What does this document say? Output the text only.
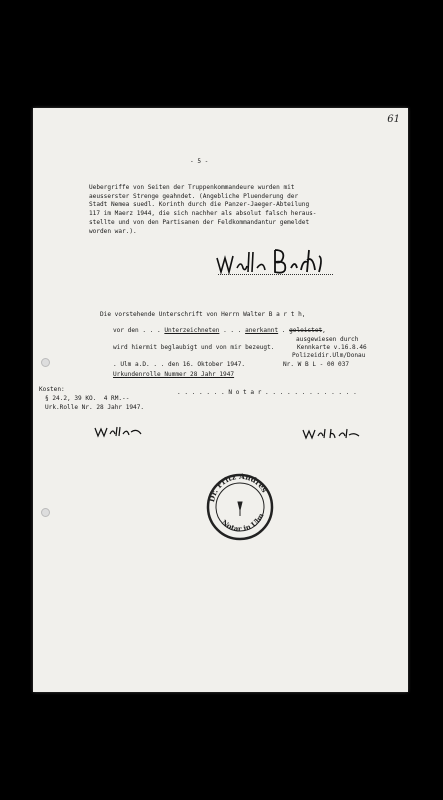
61
- 5 -
Uebergriffe von Seiten der Truppenkommandeure wurden mit
aeusserster Strenge geahndet. (Angebliche Pluenderung der
Stadt Nemea suedl. Korinth durch die Panzer-Jaeger-Abteilung
117 im Maerz 1944, die sich nachher als absolut falsch heraus-
stellte und von den Partisanen der Feldkommandantur gemeldet
worden war.).
Die vorstehende Unterschrift von Herrn Walter B a r t h,
vor den . . . Unterzeichneten . . . anerkannt . geleistet,
ausgewiesen durch
wird hiermit beglaubigt und von mir bezeugt.	Kennkarte v.16.8.46
Polizeidir.Ulm/Donau
. Ulm a.D. . . den 16. Oktober 1947.	Nr. W B L - 00 037
Urkundenrolle Nummer 28 Jahr 1947
. . . . . . . N o t a r . . . . . . . . . . . . .
Kosten:
§ 24.2, 39 KO.  4 RM.--
Urk.Rolle Nr. 28 Jahr 1947.
Dr. Fritz Andres
Notar in Ulm
